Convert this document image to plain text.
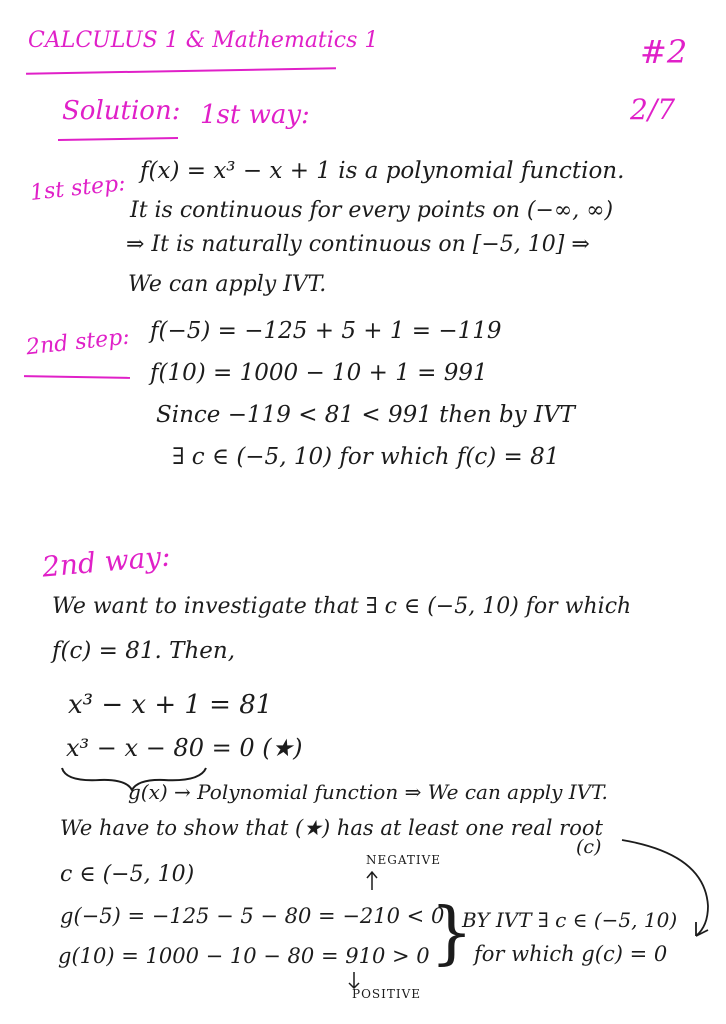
CALCULUS 1 & Mathematics 1	#2
2/7
Solution: 1st way:
1st step:
f(x) = x³ − x + 1 is a polynomial function.
It is continuous for every points on (−∞, ∞)
⇒ It is naturally continuous on [−5, 10] ⇒
We can apply IVT.
2nd step: f(−5) = −125 + 5 + 1 = −119
f(10) = 1000 − 10 + 1 = 991
Since −119 < 81 < 991 then by IVT
∃ c ∈ (−5, 10) for which f(c) = 81
2nd way:
We want to investigate that ∃ c ∈ (−5, 10) for which
f(c) = 81. Then,
x³ − x + 1 = 81
x³ − x − 80 = 0 (★)
g(x) → Polynomial function ⇒ We can apply IVT.
We have to show that (★) has at least one real root
(c)
c ∈ (−5, 10)
NEGATIVE
g(−5) = −125 − 5 − 80 = −210 < 0
g(10) = 1000 − 10 − 80 = 910 > 0 }
POSITIVE
BY IVT ∃ c ∈ (−5, 10)
for which g(c) = 0
